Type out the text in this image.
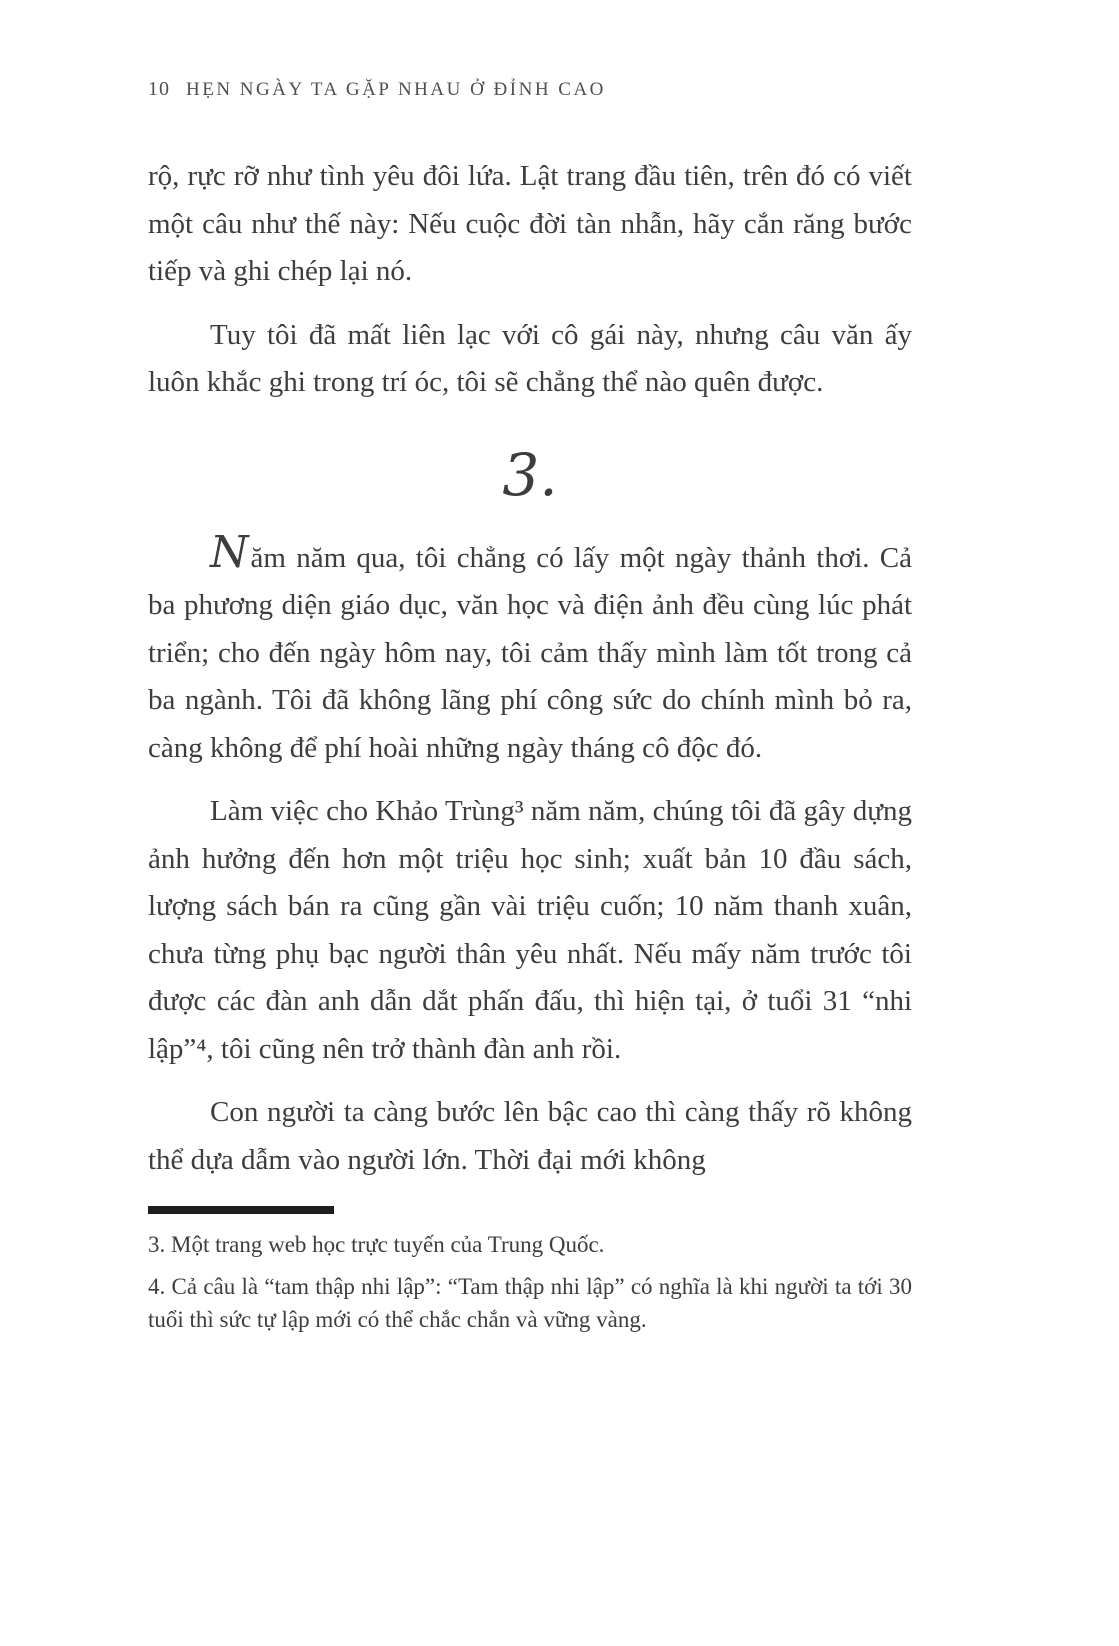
10 HẸN NGÀY TA GẶP NHAU Ở ĐỈNH CAO

rộ, rực rỡ như tình yêu đôi lứa. Lật trang đầu tiên, trên đó có viết một câu như thế này: Nếu cuộc đời tàn nhẫn, hãy cắn răng bước tiếp và ghi chép lại nó.

Tuy tôi đã mất liên lạc với cô gái này, nhưng câu văn ấy luôn khắc ghi trong trí óc, tôi sẽ chẳng thể nào quên được.

3.

Năm năm qua, tôi chẳng có lấy một ngày thảnh thơi. Cả ba phương diện giáo dục, văn học và điện ảnh đều cùng lúc phát triển; cho đến ngày hôm nay, tôi cảm thấy mình làm tốt trong cả ba ngành. Tôi đã không lãng phí công sức do chính mình bỏ ra, càng không để phí hoài những ngày tháng cô độc đó.

Làm việc cho Khảo Trùng³ năm năm, chúng tôi đã gây dựng ảnh hưởng đến hơn một triệu học sinh; xuất bản 10 đầu sách, lượng sách bán ra cũng gần vài triệu cuốn; 10 năm thanh xuân, chưa từng phụ bạc người thân yêu nhất. Nếu mấy năm trước tôi được các đàn anh dẫn dắt phấn đấu, thì hiện tại, ở tuổi 31 “nhi lập”⁴, tôi cũng nên trở thành đàn anh rồi.

Con người ta càng bước lên bậc cao thì càng thấy rõ không thể dựa dẫm vào người lớn. Thời đại mới không

3. Một trang web học trực tuyến của Trung Quốc.

4. Cả câu là “tam thập nhi lập”: “Tam thập nhi lập” có nghĩa là khi người ta tới 30 tuổi thì sức tự lập mới có thể chắc chắn và vững vàng.
